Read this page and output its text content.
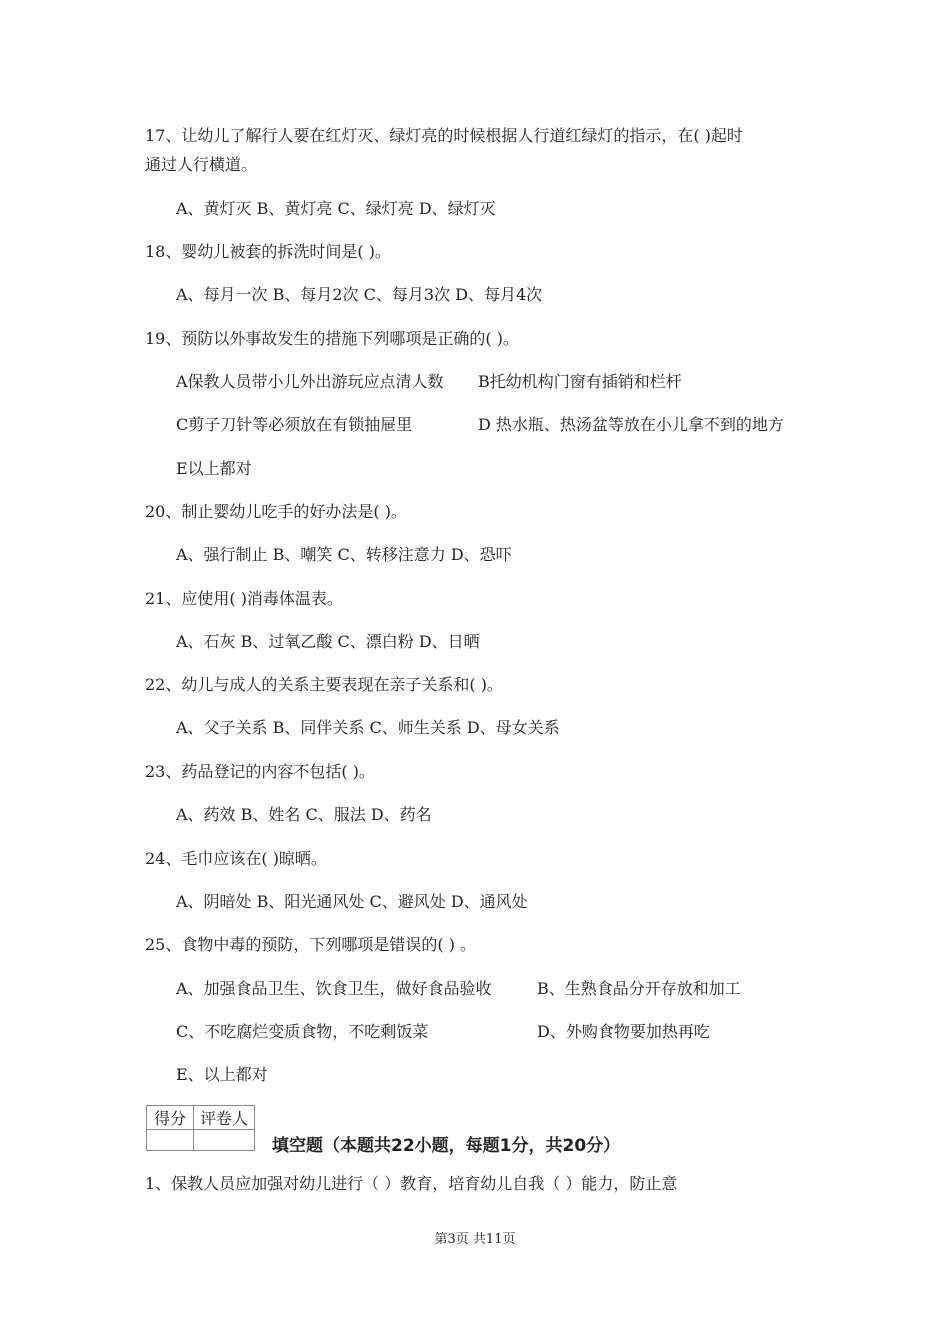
17、让幼儿了解行人要在红灯灭、绿灯亮的时候根据人行道红绿灯的指示，在( )起时
通过人行横道。
A、黄灯灭 B、黄灯亮 C、绿灯亮 D、绿灯灭
18、婴幼儿被套的拆洗时间是( )。
A、每月一次 B、每月2次 C、每月3次 D、每月4次
19、预防以外事故发生的措施下列哪项是正确的( )。
A保教人员带小儿外出游玩应点清人数 B托幼机构门窗有插销和栏杆
C剪子刀针等必须放在有锁抽屉里	D 热水瓶、热汤盆等放在小儿拿不到的地方
E以上都对
20、制止婴幼儿吃手的好办法是( )。
A、强行制止 B、嘲笑 C、转移注意力 D、恐吓
21、应使用( )消毒体温表。
A、石灰 B、过氧乙酸 C、漂白粉 D、日晒
22、幼儿与成人的关系主要表现在亲子关系和( )。
A、父子关系 B、同伴关系 C、师生关系 D、母女关系
23、药品登记的内容不包括( )。
A、药效 B、姓名 C、服法 D、药名
24、毛巾应该在( )晾晒。
A、阴暗处 B、阳光通风处 C、避风处 D、通风处
25、食物中毒的预防，下列哪项是错误的( ) 。
A、加强食品卫生、饮食卫生，做好食品验收	B、生熟食品分开存放和加工
C、不吃腐烂变质食物，不吃剩饭菜	D、外购食物要加热再吃
E、以上都对
得分	评卷人

填空题（本题共22小题，每题1分，共20分）
1、保教人员应加强对幼儿进行（ ）教育，培育幼儿自我（ ）能力，防止意
第3页 共11页
